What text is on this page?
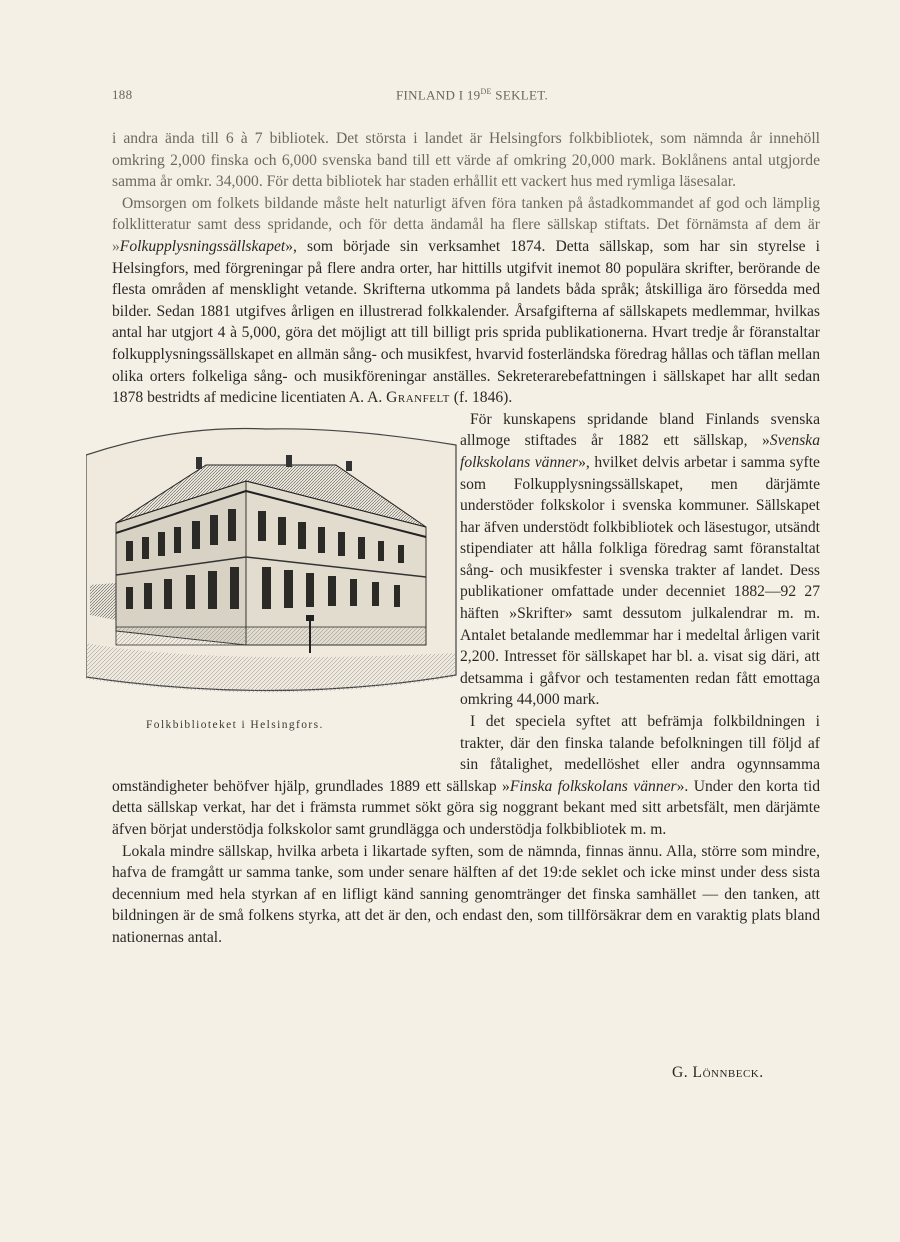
188	FINLAND I 19DE SEKLET.

i andra ända till 6 à 7 bibliotek. Det största i landet är Helsingfors folkbibliotek, som nämnda år innehöll omkring 2,000 finska och 6,000 svenska band till ett värde af omkring 20,000 mark. Boklånens antal utgjorde samma år omkr. 34,000. För detta bibliotek har staden erhållit ett vackert hus med rymliga läsesalar.

Omsorgen om folkets bildande måste helt naturligt äfven föra tanken på åstadkommandet af god och lämplig folklitteratur samt dess spridande, och för detta ändamål ha flere sällskap stiftats. Det förnämsta af dem är »Folkupplysningssällskapet», som började sin verksamhet 1874. Detta sällskap, som har sin styrelse i Helsingfors, med förgreningar på flere andra orter, har hittills utgifvit inemot 80 populära skrifter, berörande de flesta områden af mensklight vetande. Skrifterna utkomma på landets båda språk; åtskilliga äro försedda med bilder. Sedan 1881 utgifves årligen en illustrerad folkkalender. Årsafgifterna af sällskapets medlemmar, hvilkas antal har utgjort 4 à 5,000, göra det möjligt att till billigt pris sprida publikationerna. Hvart tredje år föranstaltar folkupplysningssällskapet en allmän sång- och musikfest, hvarvid fosterländska föredrag hållas och täflan mellan olika orters folkeliga sång- och musikföreningar anställes. Sekreterarebefattningen i sällskapet har allt sedan 1878 bestridts af medicine licentiaten A. A. Granfelt (f. 1846).

Folkbiblioteket i Helsingfors.

För kunskapens spridande bland Finlands svenska allmoge stiftades år 1882 ett sällskap, »Svenska folkskolans vänner», hvilket delvis arbetar i samma syfte som Folkupplysningssällskapet, men därjämte understöder folkskolor i svenska kommuner. Sällskapet har äfven understödt folkbibliotek och läsestugor, utsändt stipendiater att hålla folkliga föredrag samt föranstaltat sång- och musikfester i svenska trakter af landet. Dess publikationer omfattade under decenniet 1882—92 27 häften »Skrifter» samt dessutom julkalendrar m. m. Antalet betalande medlemmar har i medeltal årligen varit 2,200. Intresset för sällskapet har bl. a. visat sig däri, att detsamma i gåfvor och testamenten redan fått emottaga omkring 44,000 mark.

I det speciela syftet att befrämja folkbildningen i trakter, där den finska talande befolkningen till följd af sin fåtalighet, medellöshet eller andra ogynnsamma omständigheter behöfver hjälp, grundlades 1889 ett sällskap »Finska folkskolans vänner». Under den korta tid detta sällskap verkat, har det i främsta rummet sökt göra sig noggrant bekant med sitt arbetsfält, men därjämte äfven börjat understödja folkskolor samt grundlägga och understödja folkbibliotek m. m.

Lokala mindre sällskap, hvilka arbeta i likartade syften, som de nämnda, finnas ännu. Alla, större som mindre, hafva de framgått ur samma tanke, som under senare hälften af det 19:de seklet och icke minst under dess sista decennium med hela styrkan af en lifligt känd sanning genomtränger det finska samhället — den tanken, att bildningen är de små folkens styrka, att det är den, och endast den, som tillförsäkrar dem en varaktig plats bland nationernas antal.

G. Lönnbeck.
